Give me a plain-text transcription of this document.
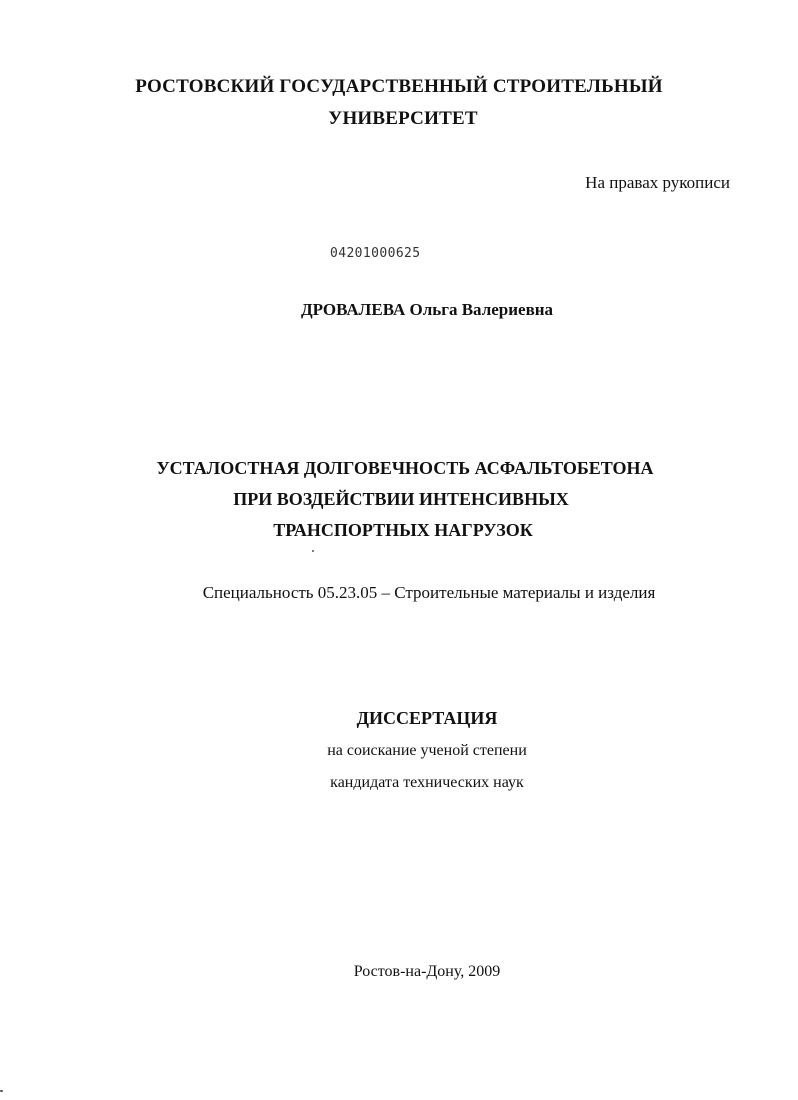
РОСТОВСКИЙ ГОСУДАРСТВЕННЫЙ СТРОИТЕЛЬНЫЙ

УНИВЕРСИТЕТ

На правах рукописи

04201000625

ДРОВАЛЕВА Ольга Валериевна

УСТАЛОСТНАЯ ДОЛГОВЕЧНОСТЬ АСФАЛЬТОБЕТОНА

ПРИ ВОЗДЕЙСТВИИ ИНТЕНСИВНЫХ

ТРАНСПОРТНЫХ НАГРУЗОК

Специальность 05.23.05 – Строительные материалы и изделия

ДИССЕРТАЦИЯ

на соискание ученой степени

кандидата технических наук

Ростов-на-Дону, 2009
